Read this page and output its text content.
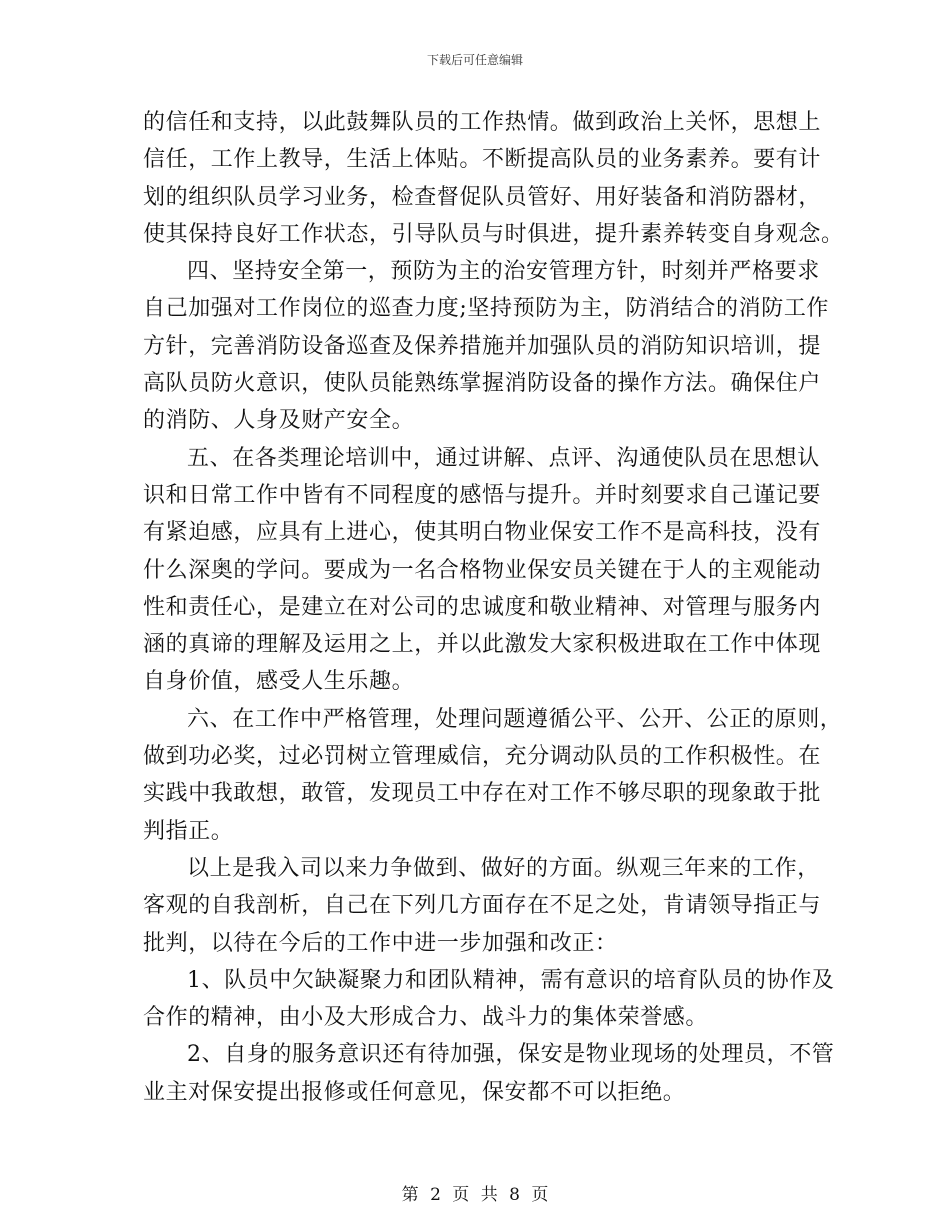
下载后可任意编辑
的信任和支持，以此鼓舞队员的工作热情。做到政治上关怀，思想上
信任，工作上教导，生活上体贴。不断提高队员的业务素养。要有计
划的组织队员学习业务，检查督促队员管好、用好装备和消防器材，
使其保持良好工作状态，引导队员与时俱进，提升素养转变自身观念。
四、坚持安全第一，预防为主的治安管理方针，时刻并严格要求
自己加强对工作岗位的巡查力度;坚持预防为主，防消结合的消防工作
方针，完善消防设备巡查及保养措施并加强队员的消防知识培训，提
高队员防火意识，使队员能熟练掌握消防设备的操作方法。确保住户
的消防、人身及财产安全。
五、在各类理论培训中，通过讲解、点评、沟通使队员在思想认
识和日常工作中皆有不同程度的感悟与提升。并时刻要求自己谨记要
有紧迫感，应具有上进心，使其明白物业保安工作不是高科技，没有
什么深奥的学问。要成为一名合格物业保安员关键在于人的主观能动
性和责任心，是建立在对公司的忠诚度和敬业精神、对管理与服务内
涵的真谛的理解及运用之上，并以此激发大家积极进取在工作中体现
自身价值，感受人生乐趣。
六、在工作中严格管理，处理问题遵循公平、公开、公正的原则，
做到功必奖，过必罚树立管理威信，充分调动队员的工作积极性。在
实践中我敢想，敢管，发现员工中存在对工作不够尽职的现象敢于批
判指正。
以上是我入司以来力争做到、做好的方面。纵观三年来的工作，
客观的自我剖析，自己在下列几方面存在不足之处，肯请领导指正与
批判，以待在今后的工作中进一步加强和改正：
1、队员中欠缺凝聚力和团队精神，需有意识的培育队员的协作及
合作的精神，由小及大形成合力、战斗力的集体荣誉感。
2、自身的服务意识还有待加强，保安是物业现场的处理员，不管
业主对保安提出报修或任何意见，保安都不可以拒绝。
第 2 页 共 8 页
